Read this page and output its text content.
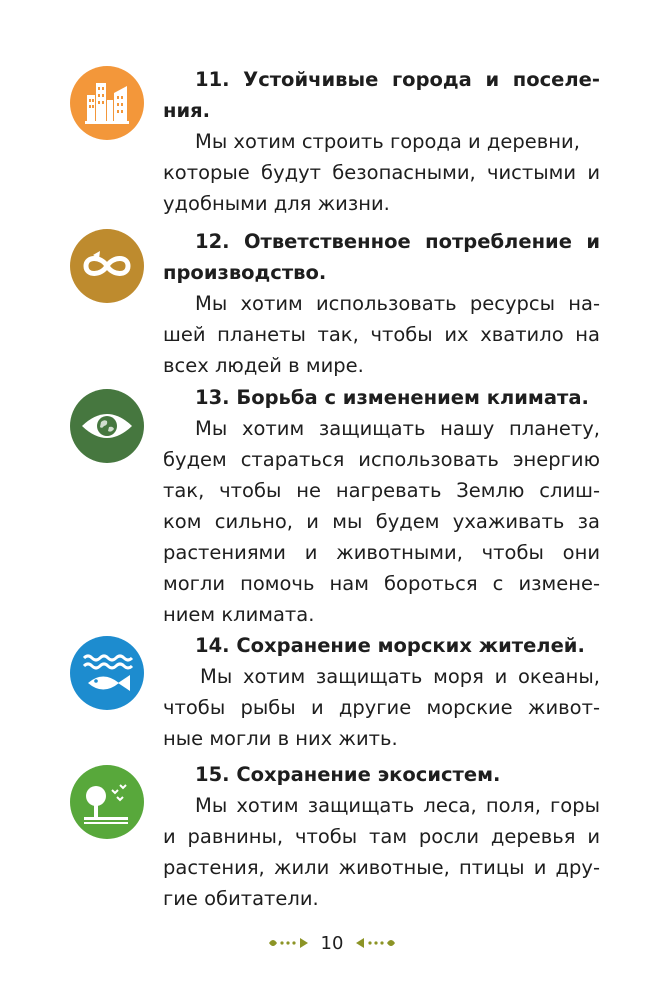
11. Устойчивые города и поселе-
ния.

Мы хотим строить города и деревни,
которые будут безопасными, чистыми и
удобными для жизни.

12. Ответственное потребление и
производство.

Мы хотим использовать ресурсы на-
шей планеты так, чтобы их хватило на
всех людей в мире.

13. Борьба с изменением климата.

Мы хотим защищать нашу планету,
будем стараться использовать энергию
так, чтобы не нагревать Землю слиш-
ком сильно, и мы будем ухаживать за
растениями и животными, чтобы они
могли помочь нам бороться с измене-
нием климата.

14. Сохранение морских жителей.

Мы хотим защищать моря и океаны,
чтобы рыбы и другие морские живот-
ные могли в них жить.

15. Сохранение экосистем.

Мы хотим защищать леса, поля, горы
и равнины, чтобы там росли деревья и
растения, жили животные, птицы и дру-
гие обитатели.

10
